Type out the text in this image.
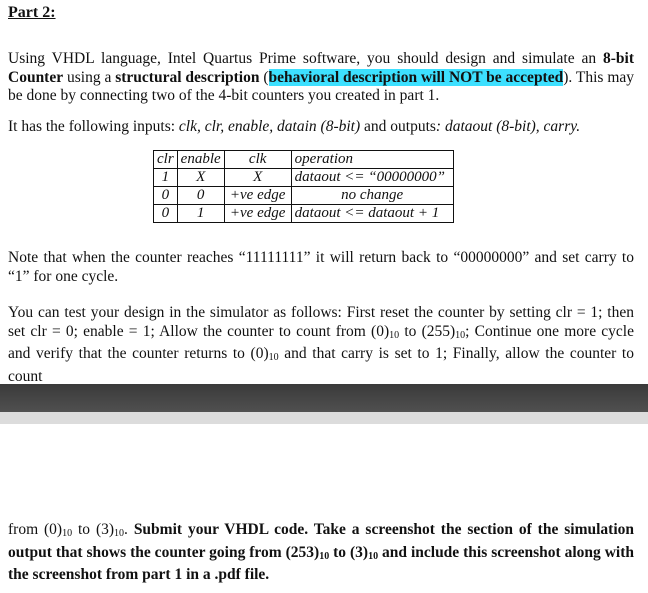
Part 2:
Using VHDL language, Intel Quartus Prime software, you should design and simulate an 8-bit Counter using a structural description (behavioral description will NOT be accepted). This may be done by connecting two of the 4-bit counters you created in part 1.
It has the following inputs: clk, clr, enable, datain (8-bit) and outputs: dataout (8-bit), carry.
clr	enable	clk	operation
1	X	X	dataout <= “00000000”
0	0	+ve edge	no change
0	1	+ve edge	dataout <= dataout + 1
Note that when the counter reaches “11111111” it will return back to “00000000” and set carry to “1” for one cycle.
You can test your design in the simulator as follows: First reset the counter by setting clr = 1; then set clr = 0; enable = 1; Allow the counter to count from $(0)_{10}$ to $(255)_{10}$; Continue one more cycle and verify that the counter returns to $(0)_{10}$ and that carry is set to 1; Finally, allow the counter to count
from $(0)_{10}$ to $(3)_{10}$. Submit your VHDL code. Take a screenshot the section of the simulation output that shows the counter going from $(253)_{10}$ to $(3)_{10}$ and include this screenshot along with the screenshot from part 1 in a .pdf file.
